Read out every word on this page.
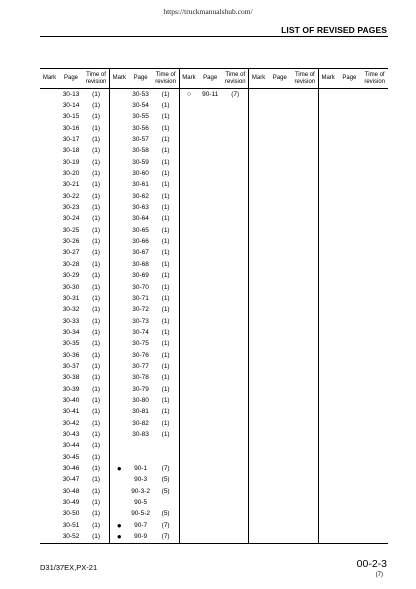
https://truckmanualshub.com/
LIST OF REVISED PAGES
Mark	Page	Time of
revision	Mark	Page	Time of
revision	Mark	Page	Time of
revision	Mark	Page	Time of
revision	Mark	Page	Time of
revision
	30-13	(1)		30-53	(1)	○	90-11	(7)						
	30-14	(1)		30-54	(1)									
	30-15	(1)		30-55	(1)									
	30-16	(1)		30-56	(1)									
	30-17	(1)		30-57	(1)									
	30-18	(1)		30-58	(1)									
	30-19	(1)		30-59	(1)									
	30-20	(1)		30-60	(1)									
	30-21	(1)		30-61	(1)									
	30-22	(1)		30-62	(1)									
	30-23	(1)		30-63	(1)									
	30-24	(1)		30-64	(1)									
	30-25	(1)		30-65	(1)									
	30-26	(1)		30-66	(1)									
	30-27	(1)		30-67	(1)									
	30-28	(1)		30-68	(1)									
	30-29	(1)		30-69	(1)									
	30-30	(1)		30-70	(1)									
	30-31	(1)		30-71	(1)									
	30-32	(1)		30-72	(1)									
	30-33	(1)		30-73	(1)									
	30-34	(1)		30-74	(1)									
	30-35	(1)		30-75	(1)									
	30-36	(1)		30-76	(1)									
	30-37	(1)		30-77	(1)									
	30-38	(1)		30-78	(1)									
	30-39	(1)		30-79	(1)									
	30-40	(1)		30-80	(1)									
	30-41	(1)		30-81	(1)									
	30-42	(1)		30-82	(1)									
	30-43	(1)		30-83	(1)									
	30-44	(1)												
	30-45	(1)												
	30-46	(1)	●	90-1	(7)									
	30-47	(1)		90-3	(5)									
	30-48	(1)		90-3-2	(5)									
	30-49	(1)		90-5										
	30-50	(1)		90-5-2	(5)									
	30-51	(1)	●	90-7	(7)									
	30-52	(1)	●	90-9	(7)									
D31/37EX,PX-21	00-2-3
(7)
